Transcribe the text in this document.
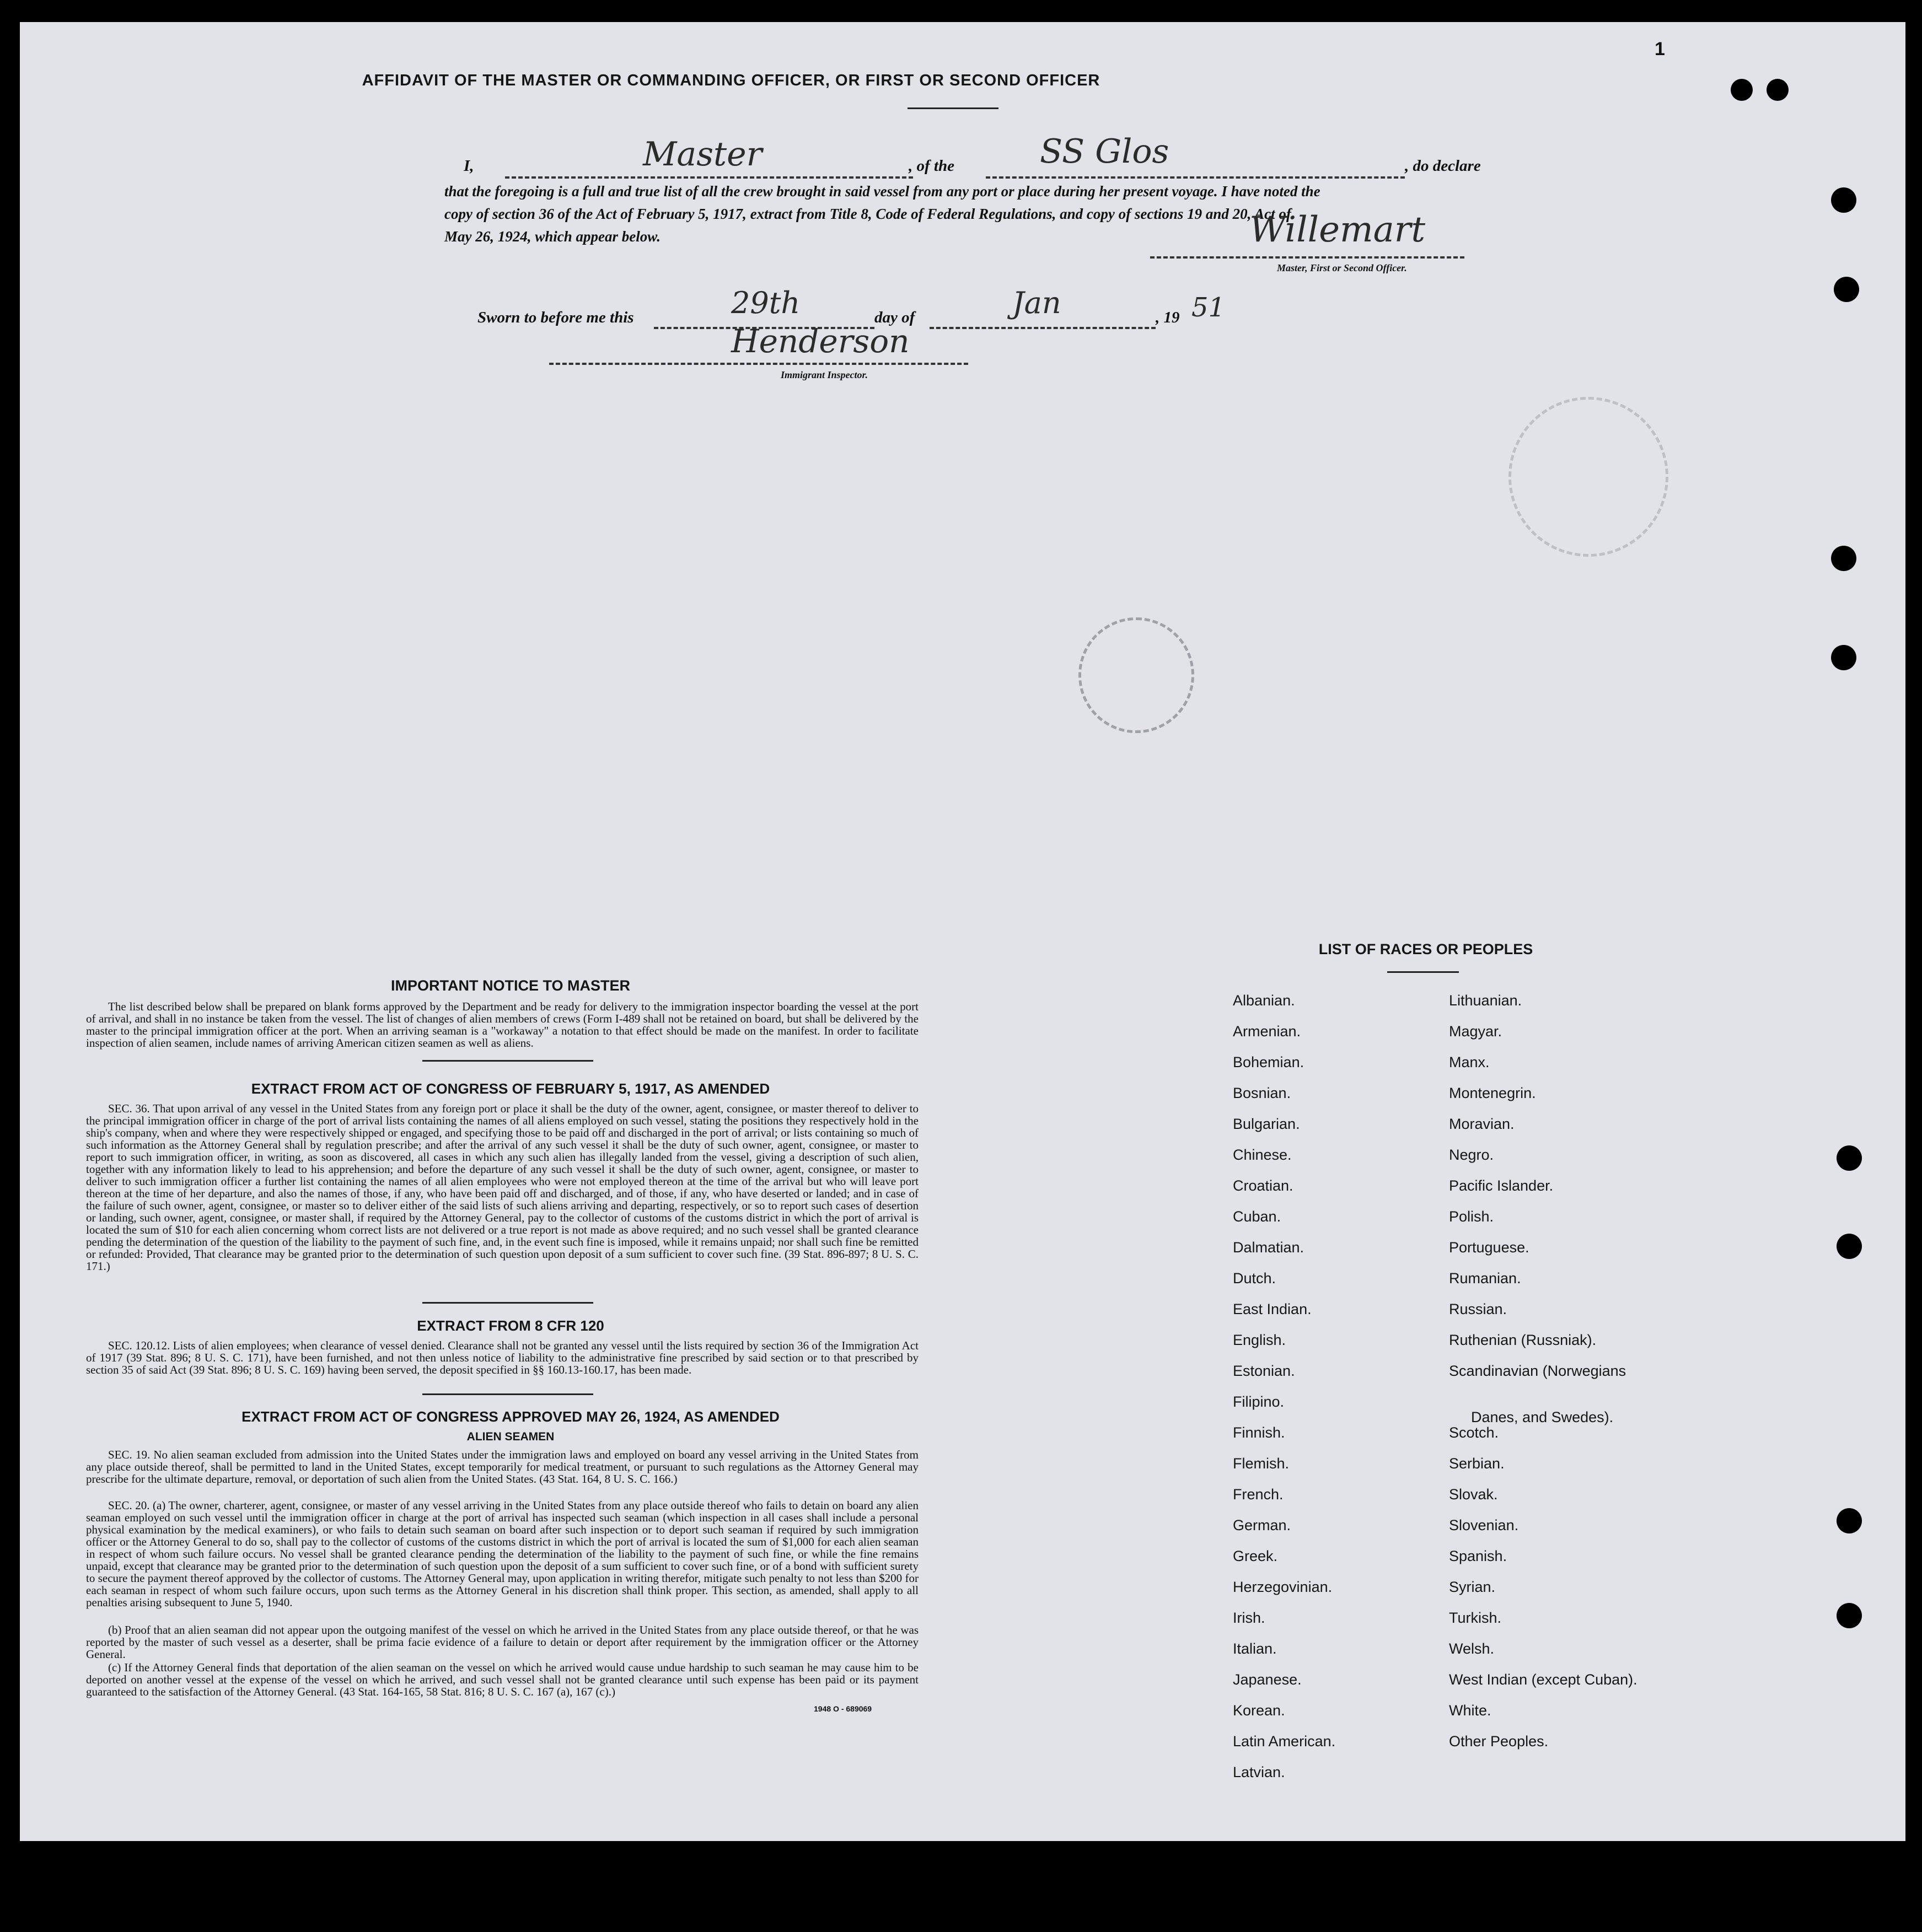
AFFIDAVIT OF THE MASTER OR COMMANDING OFFICER, OR FIRST OR SECOND OFFICER
I,	Master	, of the	SS Glos	, do declare
that the foregoing is a full and true list of all the crew brought in said vessel from any port or place during her present voyage. I have noted the
copy of section 36 of the Act of February 5, 1917, extract from Title 8, Code of Federal Regulations, and copy of sections 19 and 20, Act of
May 26, 1924, which appear below.	Willemart
Master, First or Second Officer.
Sworn to before me this	29th	day of	Jan	, 19 51
Henderson
Immigrant Inspector.
1
IMPORTANT NOTICE TO MASTER
The list described below shall be prepared on blank forms approved by the Department and be ready for delivery to the immigration inspector boarding the vessel at the port of arrival, and shall in no instance be taken from the vessel. The list of changes of alien members of crews (Form I-489 shall not be retained on board, but shall be delivered by the master to the principal immigration officer at the port. When an arriving seaman is a "workaway" a notation to that effect should be made on the manifest. In order to facilitate inspection of alien seamen, include names of arriving American citizen seamen as well as aliens.
EXTRACT FROM ACT OF CONGRESS OF FEBRUARY 5, 1917, AS AMENDED
SEC. 36. That upon arrival of any vessel in the United States from any foreign port or place it shall be the duty of the owner, agent, consignee, or master thereof to deliver to the principal immigration officer in charge of the port of arrival lists containing the names of all aliens employed on such vessel, stating the positions they respectively hold in the ship's company, when and where they were respectively shipped or engaged, and specifying those to be paid off and discharged in the port of arrival; or lists containing so much of such information as the Attorney General shall by regulation prescribe; and after the arrival of any such vessel it shall be the duty of such owner, agent, consignee, or master to report to such immigration officer, in writing, as soon as discovered, all cases in which any such alien has illegally landed from the vessel, giving a description of such alien, together with any information likely to lead to his apprehension; and before the departure of any such vessel it shall be the duty of such owner, agent, consignee, or master to deliver to such immigration officer a further list containing the names of all alien employees who were not employed thereon at the time of the arrival but who will leave port thereon at the time of her departure, and also the names of those, if any, who have been paid off and discharged, and of those, if any, who have deserted or landed; and in case of the failure of such owner, agent, consignee, or master so to deliver either of the said lists of such aliens arriving and departing, respectively, or so to report such cases of desertion or landing, such owner, agent, consignee, or master shall, if required by the Attorney General, pay to the collector of customs of the customs district in which the port of arrival is located the sum of $10 for each alien concerning whom correct lists are not delivered or a true report is not made as above required; and no such vessel shall be granted clearance pending the determination of the question of the liability to the payment of such fine, and, in the event such fine is imposed, while it remains unpaid; nor shall such fine be remitted or refunded: Provided, That clearance may be granted prior to the determination of such question upon deposit of a sum sufficient to cover such fine. (39 Stat. 896-897; 8 U. S. C. 171.)
EXTRACT FROM 8 CFR 120
SEC. 120.12. Lists of alien employees; when clearance of vessel denied. Clearance shall not be granted any vessel until the lists required by section 36 of the Immigration Act of 1917 (39 Stat. 896; 8 U. S. C. 171), have been furnished, and not then unless notice of liability to the administrative fine prescribed by said section or to that prescribed by section 35 of said Act (39 Stat. 896; 8 U. S. C. 169) having been served, the deposit specified in §§ 160.13-160.17, has been made.
EXTRACT FROM ACT OF CONGRESS APPROVED MAY 26, 1924, AS AMENDED
ALIEN SEAMEN
SEC. 19. No alien seaman excluded from admission into the United States under the immigration laws and employed on board any vessel arriving in the United States from any place outside thereof, shall be permitted to land in the United States, except temporarily for medical treatment, or pursuant to such regulations as the Attorney General may prescribe for the ultimate departure, removal, or deportation of such alien from the United States. (43 Stat. 164, 8 U. S. C. 166.)
SEC. 20. (a) The owner, charterer, agent, consignee, or master of any vessel arriving in the United States from any place outside thereof who fails to detain on board any alien seaman employed on such vessel until the immigration officer in charge at the port of arrival has inspected such seaman (which inspection in all cases shall include a personal physical examination by the medical examiners), or who fails to detain such seaman on board after such inspection or to deport such seaman if required by such immigration officer or the Attorney General to do so, shall pay to the collector of customs of the customs district in which the port of arrival is located the sum of $1,000 for each alien seaman in respect of whom such failure occurs. No vessel shall be granted clearance pending the determination of the liability to the payment of such fine, or while the fine remains unpaid, except that clearance may be granted prior to the determination of such question upon the deposit of a sum sufficient to cover such fine, or of a bond with sufficient surety to secure the payment thereof approved by the collector of customs. The Attorney General may, upon application in writing therefor, mitigate such penalty to not less than $200 for each seaman in respect of whom such failure occurs, upon such terms as the Attorney General in his discretion shall think proper. This section, as amended, shall apply to all penalties arising subsequent to June 5, 1940.
(b) Proof that an alien seaman did not appear upon the outgoing manifest of the vessel on which he arrived in the United States from any place outside thereof, or that he was reported by the master of such vessel as a deserter, shall be prima facie evidence of a failure to detain or deport after requirement by the immigration officer or the Attorney General.
(c) If the Attorney General finds that deportation of the alien seaman on the vessel on which he arrived would cause undue hardship to such seaman he may cause him to be deported on another vessel at the expense of the vessel on which he arrived, and such vessel shall not be granted clearance until such expense has been paid or its payment guaranteed to the satisfaction of the Attorney General. (43 Stat. 164-165, 58 Stat. 816; 8 U. S. C. 167 (a), 167 (c).)
1948 O - 689069
LIST OF RACES OR PEOPLES
Albanian.
Armenian.
Bohemian.
Bosnian.
Bulgarian.
Chinese.
Croatian.
Cuban.
Dalmatian.
Dutch.
East Indian.
English.
Estonian.
Filipino.
Finnish.
Flemish.
French.
German.
Greek.
Herzegovinian.
Irish.
Italian.
Japanese.
Korean.
Latin American.
Latvian.
Lithuanian.
Magyar.
Manx.
Montenegrin.
Moravian.
Negro.
Pacific Islander.
Polish.
Portuguese.
Rumanian.
Russian.
Ruthenian (Russniak).
Scandinavian (Norwegians
Danes, and Swedes).
Scotch.
Serbian.
Slovak.
Slovenian.
Spanish.
Syrian.
Turkish.
Welsh.
West Indian (except Cuban).
White.
Other Peoples.
